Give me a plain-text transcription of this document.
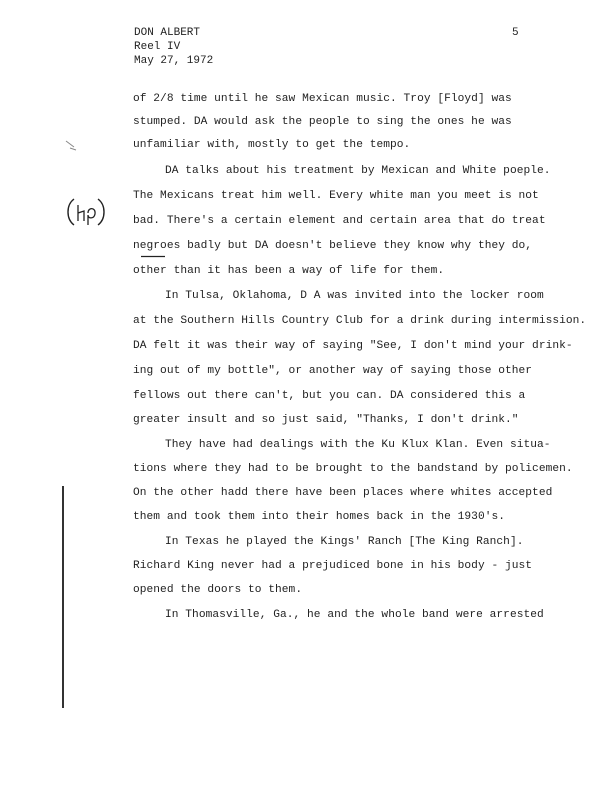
DON ALBERT
Reel IV
May 27, 1972
5
of 2/8 time until he saw Mexican music. Troy [Floyd] was
stumped. DA would ask the people to sing the ones he was
unfamiliar with, mostly to get the tempo.
DA talks about his treatment by Mexican and White poeple.
The Mexicans treat him well. Every white man you meet is not
bad. There's a certain element and certain area that do treat
negroes badly but DA doesn't believe they know why they do,
other than it has been a way of life for them.
In Tulsa, Oklahoma, D A was invited into the locker room
at the Southern Hills Country Club for a drink during intermission.
DA felt it was their way of saying "See, I don't mind your drink-
ing out of my bottle", or another way of saying those other
fellows out there can't, but you can. DA considered this a
greater insult and so just said, "Thanks, I don't drink."
They have had dealings with the Ku Klux Klan. Even situa-
tions where they had to be brought to the bandstand by policemen.
On the other hadd there have been places where whites accepted
them and took them into their homes back in the 1930's.
In Texas he played the Kings' Ranch [The King Ranch].
Richard King never had a prejudiced bone in his body - just
opened the doors to them.
In Thomasville, Ga., he and the whole band were arrested
